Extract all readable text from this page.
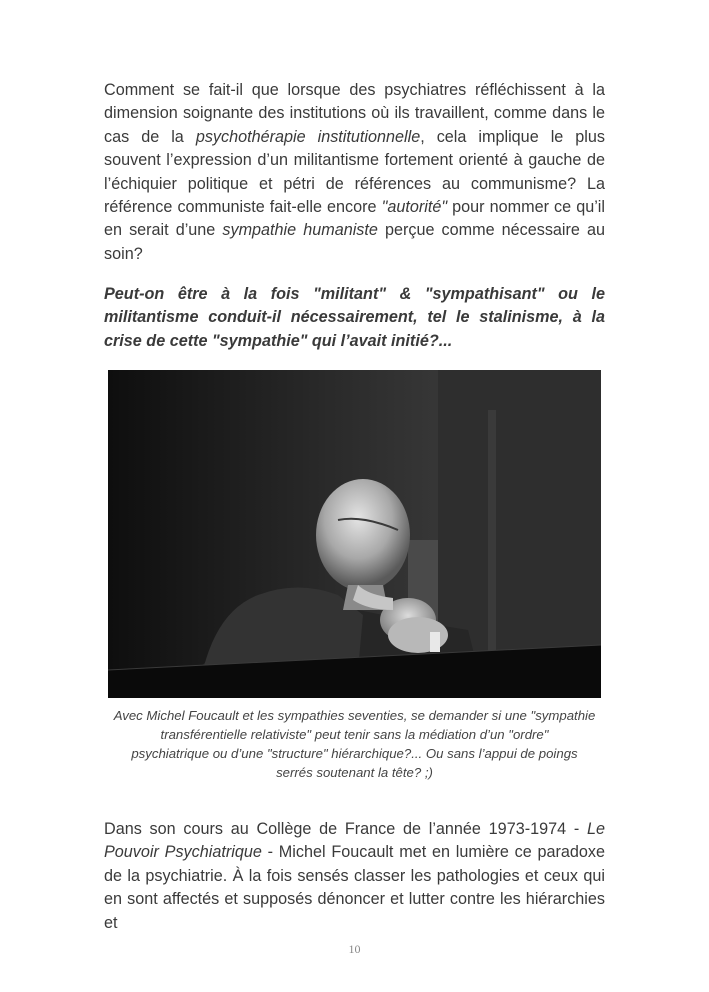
Comment se fait-il que lorsque des psychiatres réfléchissent à la dimension soignante des institutions où ils travaillent, comme dans le cas de la psychothérapie institutionnelle, cela implique le plus souvent l’expression d’un militantisme fortement orienté à gauche de l’échiquier politique et pétri de références au communisme? La référence communiste fait-elle encore "autorité" pour nommer ce qu’il en serait d’une sympathie humaniste perçue comme nécessaire au soin?

Peut-on être à la fois "militant" & "sympathisant" ou le militantisme conduit-il nécessairement, tel le stalinisme, à la crise de cette "sympathie" qui l’avait initié?...

Avec Michel Foucault et les sympathies seventies, se demander si une "sympathie
transférentielle relativiste" peut tenir sans la médiation d’un "ordre"
psychiatrique ou d’une "structure" hiérarchique?... Ou sans l’appui de poings
serrés soutenant la tête? ;)

Dans son cours au Collège de France de l’année 1973-1974 - Le Pouvoir Psychiatrique - Michel Foucault met en lumière ce paradoxe de la psychiatrie. À la fois sensés classer les pathologies et ceux qui en sont affectés et supposés dénoncer et lutter contre les hiérarchies et

10
